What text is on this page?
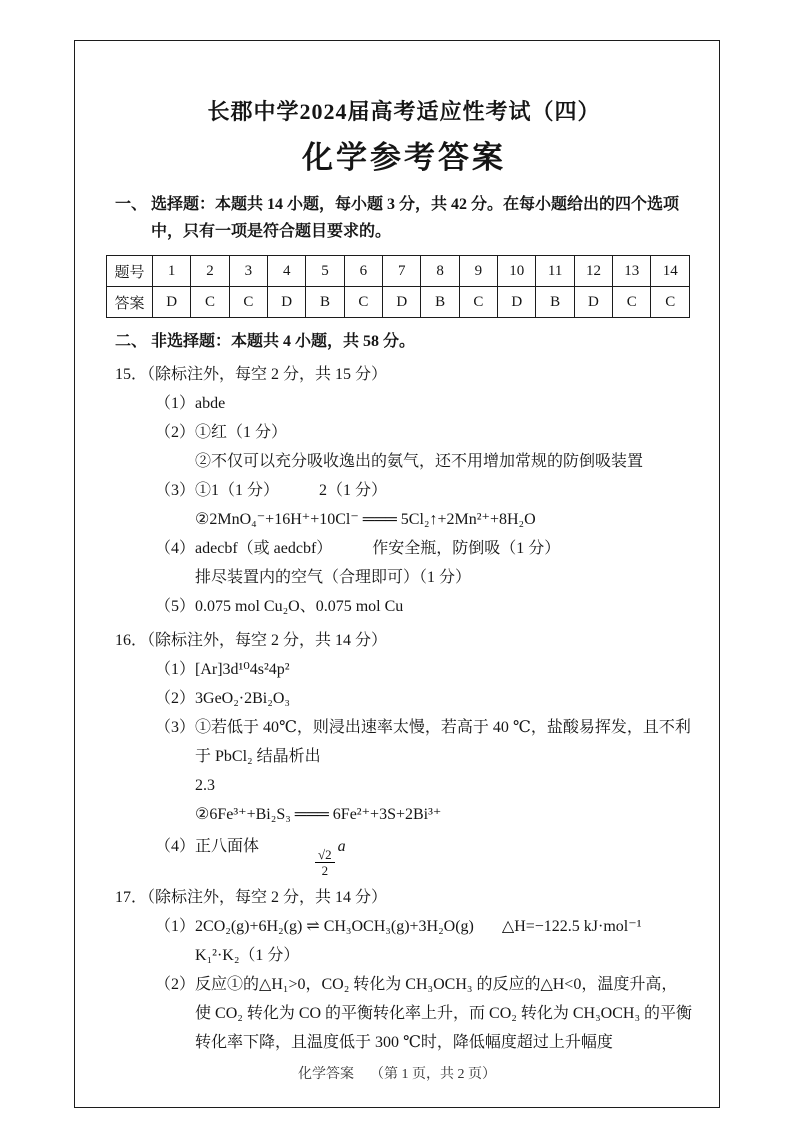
长郡中学2024届高考适应性考试（四）
化学参考答案
一、 选择题：本题共 14 小题，每小题 3 分，共 42 分。在每小题给出的四个选项中，只有一项是符合题目要求的。
题号	1	2	3	4	5	6	7	8	9	10	11	12	13	14
答案	D	C	C	D	B	C	D	B	C	D	B	D	C	C
二、 非选择题：本题共 4 小题，共 58 分。
15．（除标注外，每空 2 分，共 15 分）
（1） abde
（2） ①红（1 分）
②不仅可以充分吸收逸出的氨气，还不用增加常规的防倒吸装置
（3） ①1（1 分）	2（1 分）
②2MnO₄⁻+16H⁺+10Cl⁻ ═══ 5Cl₂↑+2Mn²⁺+8H₂O
（4） adecbf（或 aedcbf）	作安全瓶，防倒吸（1 分）
排尽装置内的空气（合理即可）（1 分）
（5） 0.075 mol Cu₂O、0.075 mol Cu
16．（除标注外，每空 2 分，共 14 分）
（1） [Ar]3d¹⁰4s²4p²
（2） 3GeO₂·2Bi₂O₃
（3） ①若低于 40℃，则浸出速率太慢，若高于 40 ℃，盐酸易挥发，且不利于 PbCl₂ 结晶析出
2.3
②6Fe³⁺+Bi₂S₃ ═══ 6Fe²⁺+3S+2Bi³⁺
（4） 正八面体
$\frac{√2}{2}$
a
17．（除标注外，每空 2 分，共 14 分）
（1） 2CO₂(g)+6H₂(g) ⇌ CH₃OCH₃(g)+3H₂O(g) △H=−122.5 kJ·mol⁻¹
K₁²·K₂（1 分）
（2） 反应①的△H₁>0，CO₂ 转化为 CH₃OCH₃ 的反应的△H<0，温度升高，使 CO₂ 转化为 CO 的平衡转化率上升，而 CO₂ 转化为 CH₃OCH₃ 的平衡转化率下降，且温度低于 300 ℃时，降低幅度超过上升幅度
化学答案 （第 1 页，共 2 页）
